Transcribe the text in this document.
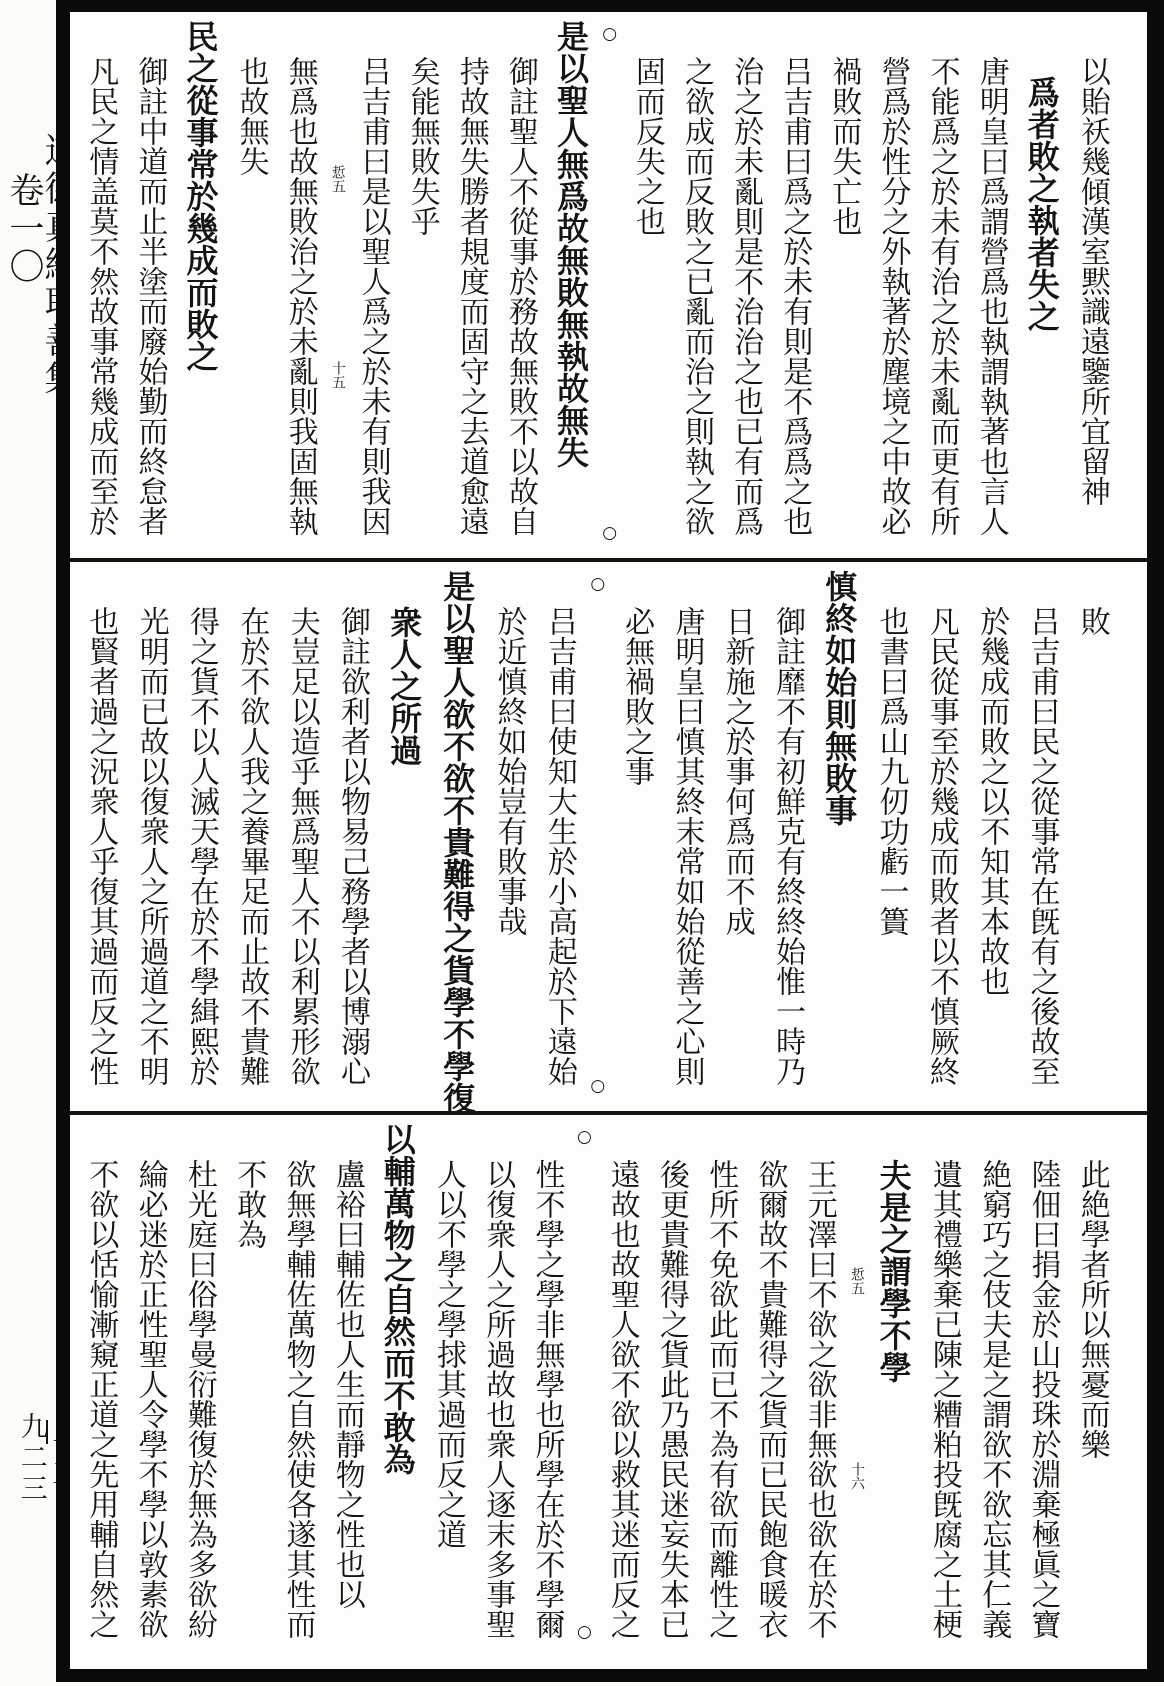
卷一〇
九二三
以貽祅幾傾漢室黙識遠鑒所宜留神
爲者敗之執者失之
唐明皇曰爲謂營爲也執謂執著也言人
不能爲之於未有治之於未亂而更有所
營爲於性分之外執著於塵境之中故必
禍敗而失亡也
吕吉甫曰爲之於未有則是不爲爲之也
治之於未亂則是不治治之也已有而爲
之欲成而反敗之已亂而治之則執之欲
固而反失之也
○
○
是以聖人無爲故無敗無執故無失
御註聖人不從事於務故無敗不以故自
持故無失勝者規度而固守之去道愈遠
矣能無敗失乎
吕吉甫曰是以聖人爲之於未有則我因
悊五
十五
無爲也故無敗治之於未亂則我固無執
也故無失
民之從事常於幾成而敗之
御註中道而止半塗而廢始勤而終怠者
凡民之情盖莫不然故事常幾成而至於
敗
吕吉甫曰民之從事常在旣有之後故至
於幾成而敗之以不知其本故也
凡民從事至於幾成而敗者以不慎厥終
也書曰爲山九仞功虧一簣
慎終如始則無敗事
御註靡不有初鮮克有終終始惟一時乃
日新施之於事何爲而不成
唐明皇曰慎其終末常如始從善之心則
必無禍敗之事
○
○
吕吉甫曰使知大生於小高起於下遠始
於近慎終如始豈有敗事哉
是以聖人欲不欲不貴難得之貨學不學復
衆人之所過
御註欲利者以物易己務學者以博溺心
夫豈足以造乎無爲聖人不以利累形欲
在於不欲人我之養畢足而止故不貴難
得之貨不以人滅天學在於不學緝熙於
光明而已故以復衆人之所過道之不明
也賢者過之況衆人乎復其過而反之性
此絶學者所以無憂而樂
陸佃曰捐金於山投珠於淵棄極眞之寶
絶窮巧之伎夫是之謂欲不欲忘其仁義
遺其禮樂棄已陳之糟粕投旣腐之土梗
夫是之謂學不學
悊五
十六
王元澤曰不欲之欲非無欲也欲在於不
欲爾故不貴難得之貨而已民飽食暖衣
性所不免欲此而已不為有欲而離性之
後更貴難得之貨此乃愚民迷妄失本已
遠故也故聖人欲不欲以救其迷而反之
○
○
性不學之學非無學也所學在於不學爾
以復衆人之所過故也衆人逐末多事聖
人以不學之學捄其過而反之道
以輔萬物之自然而不敢為
盧裕曰輔佐也人生而靜物之性也以
欲無學輔佐萬物之自然使各遂其性而
不敢為
杜光庭曰俗學曼衍難復於無為多欲紛
綸必迷於正性聖人令學不學以敦素欲
不欲以恬愉漸窺正道之先用輔自然之
